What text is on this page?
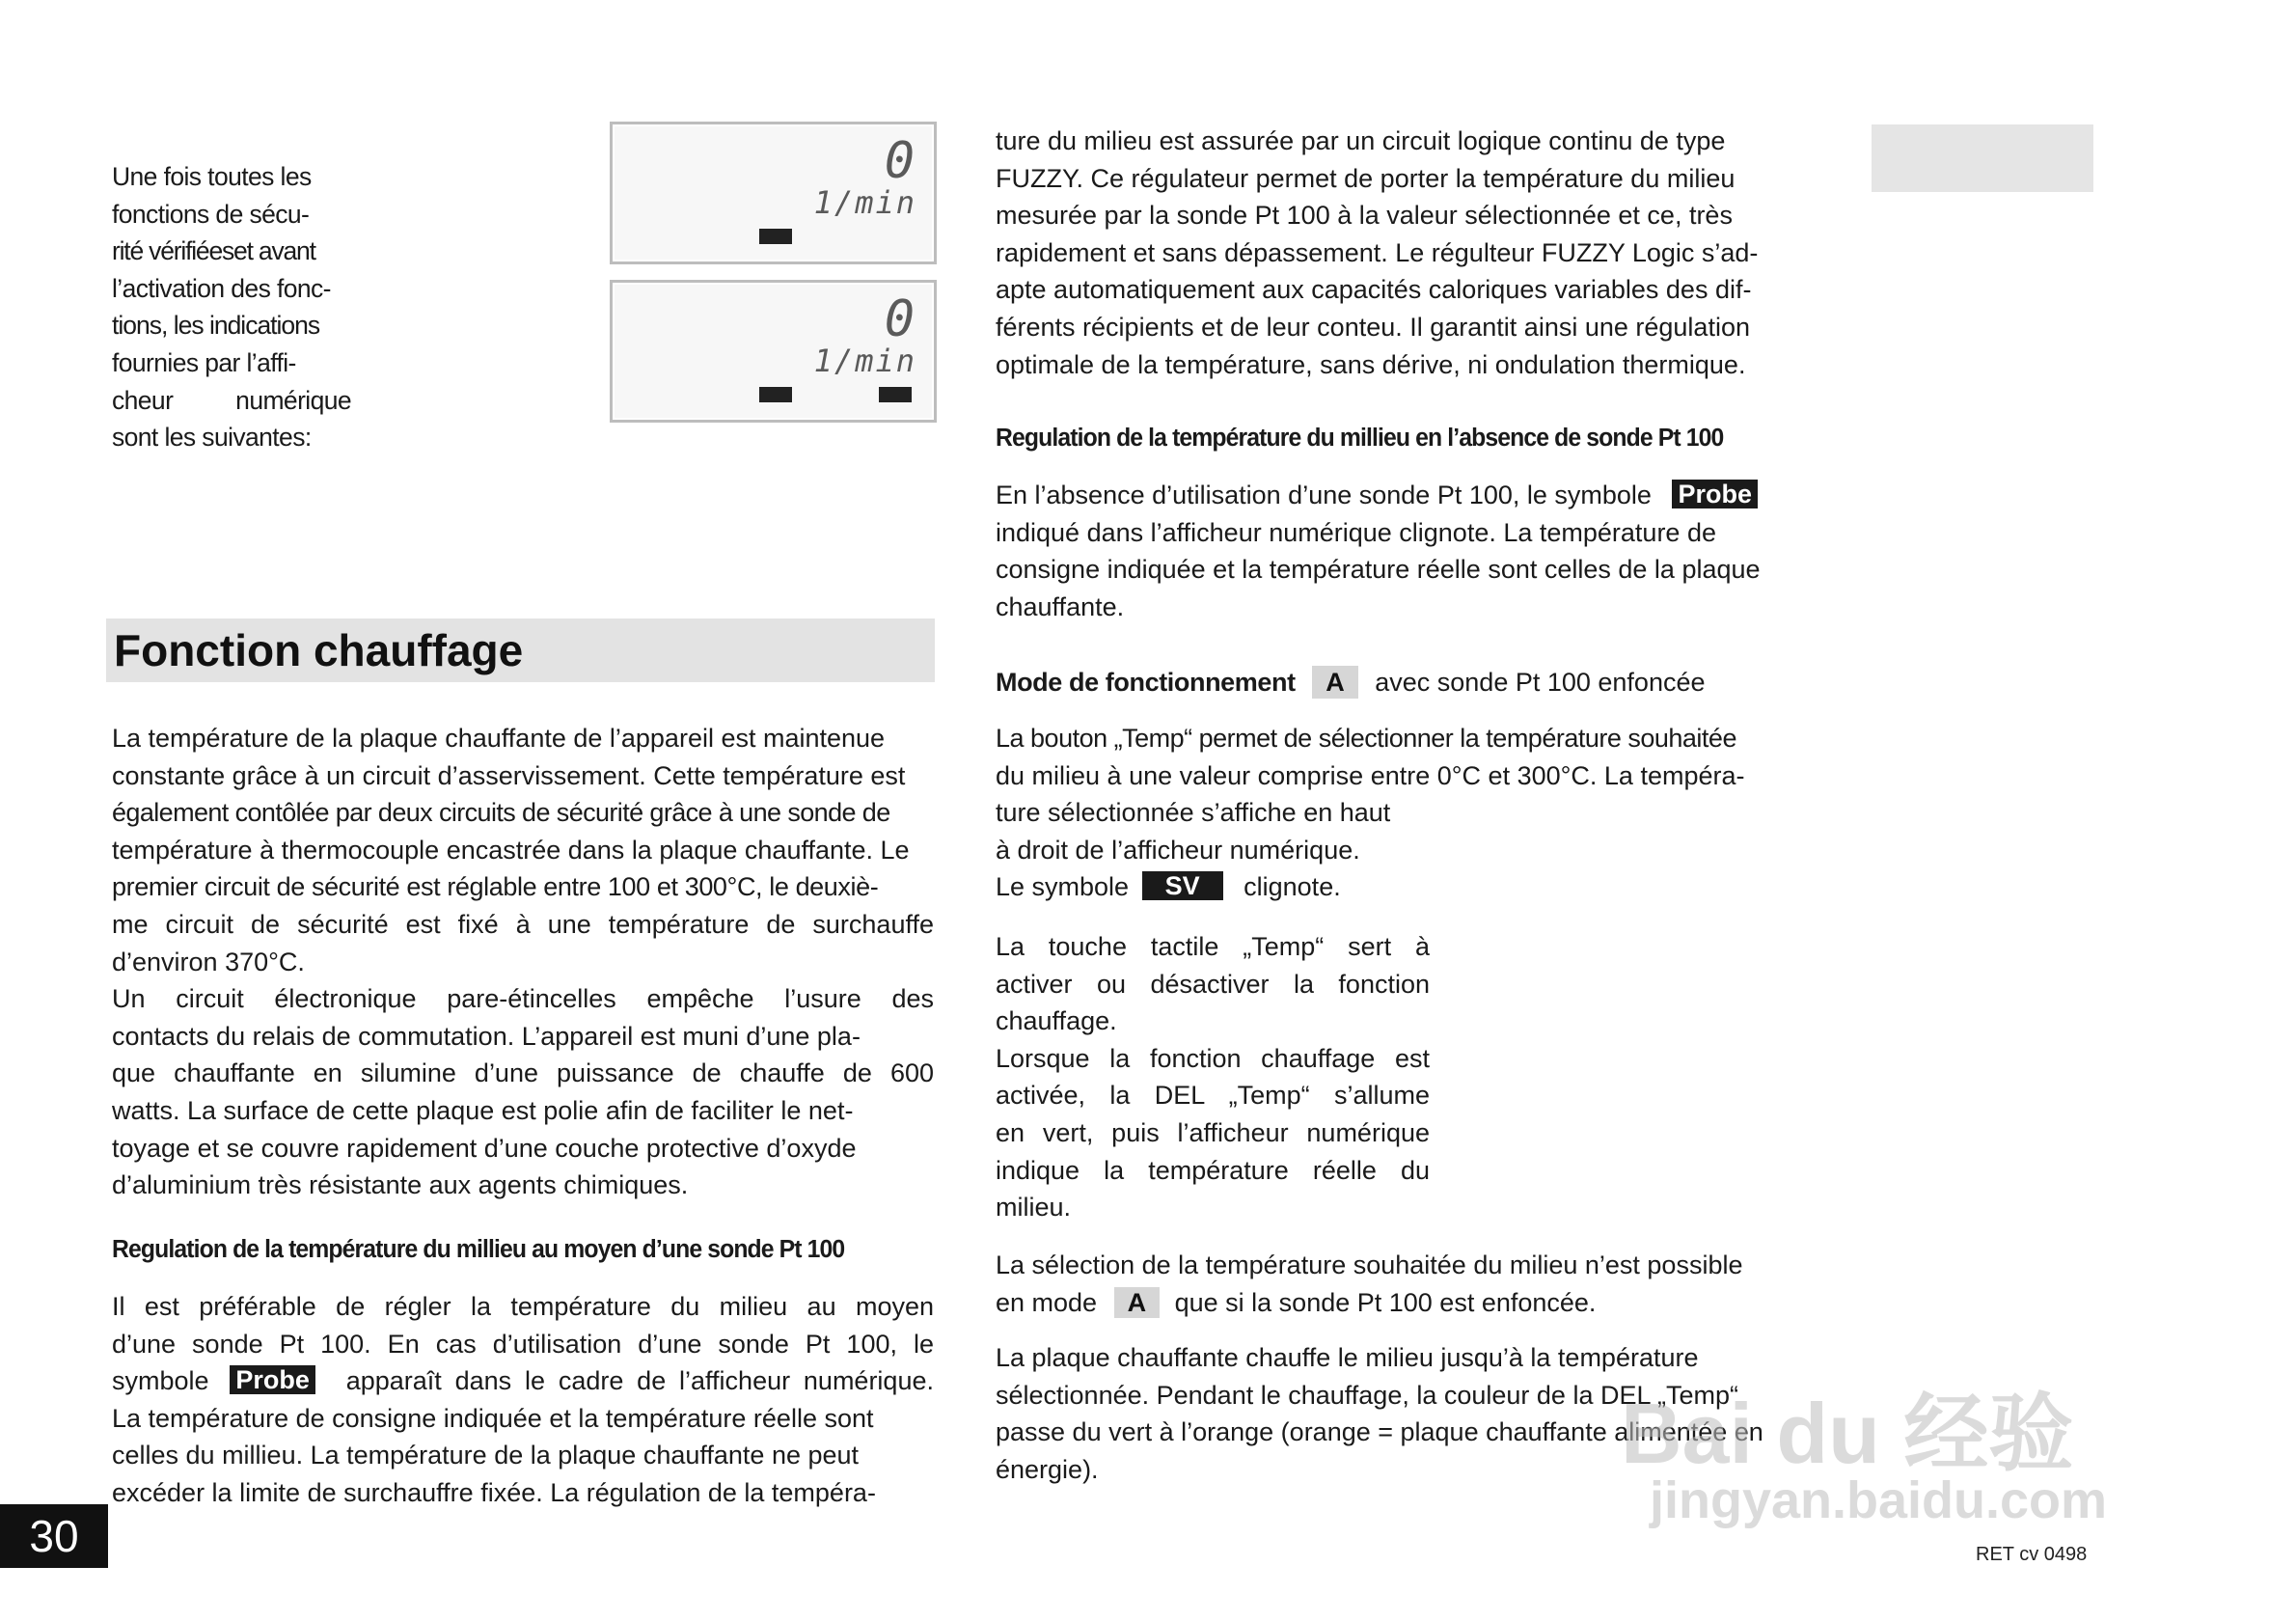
Une fois toutes les

fonctions de sécu-

rité vérifiéeset avant

l’activation des fonc-

tions, les indications

fournies par l’affi-

cheur numérique

sont les suivantes:

0
1/min
0
1/min
Fonction chauffage

La température de la plaque chauffante de l’appareil est maintenue

constante grâce à un circuit d’asservissement. Cette température est

également contôlée par deux circuits de sécurité grâce à une sonde de

température à thermocouple encastrée dans la plaque chauffante. Le

premier circuit de sécurité est réglable entre 100 et 300°C, le deuxiè-

me circuit de sécurité est fixé à une température de surchauffe

d’environ 370°C.

Un circuit électronique pare-étincelles empêche l’usure des

contacts du relais de commutation. L’appareil est muni d’une pla-

que chauffante en silumine d’une puissance de chauffe de 600

watts. La surface de cette plaque est polie afin de faciliter le net-

toyage et se couvre rapidement d’une couche protective d’oxyde

d’aluminium très résistante aux agents chimiques.

Regulation de la température du millieu au moyen d’une sonde Pt 100

Il est préférable de régler la température du milieu au moyen

d’une sonde Pt 100. En cas d’utilisation d’une sonde Pt 100, le

symbole Probe apparaît dans le cadre de l’afficheur numérique.

La température de consigne indiquée et la température réelle sont

celles du millieu. La température de la plaque chauffante ne peut

excéder la limite de surchauffre fixée. La régulation de la tempéra-

ture du milieu est assurée par un circuit logique continu de type

FUZZY. Ce régulateur permet de porter la température du milieu

mesurée par la sonde Pt 100 à la valeur sélectionnée et ce, très

rapidement et sans dépassement. Le régulteur FUZZY Logic s’ad-

apte automatiquement aux capacités caloriques variables des dif-

férents récipients et de leur conteu. Il garantit ainsi une régulation

optimale de la température, sans dérive, ni ondulation thermique.

Regulation de la température du millieu en l’absence de sonde Pt 100

En l’absence d’utilisation d’une sonde Pt 100, le symbole Probe

indiqué dans l’afficheur numérique clignote. La température de

consigne indiquée et la température réelle sont celles de la plaque

chauffante.

Mode de fonctionnement A avec sonde Pt 100 enfoncée

La bouton „Temp“ permet de sélectionner la température souhaitée

du milieu à une valeur comprise entre 0°C et 300°C. La tempéra-

ture sélectionnée s’affiche en haut

à droit de l’afficheur numérique.

Le symbole SV clignote.

La touche tactile „Temp“ sert à

activer ou désactiver la fonction

chauffage.

Lorsque la fonction chauffage est

activée, la DEL „Temp“ s’allume

en vert, puis l’afficheur numérique

indique la température réelle du

milieu.

La sélection de la température souhaitée du milieu n’est possible

en mode A que si la sonde Pt 100 est enfoncée.

La plaque chauffante chauffe le milieu jusqu’à la température

sélectionnée. Pendant le chauffage, la couleur de la DEL „Temp“

passe du vert à l’orange (orange = plaque chauffante alimentée en

énergie).	Bai du 经验
jingyan.baidu.com
30	RET cv 0498
